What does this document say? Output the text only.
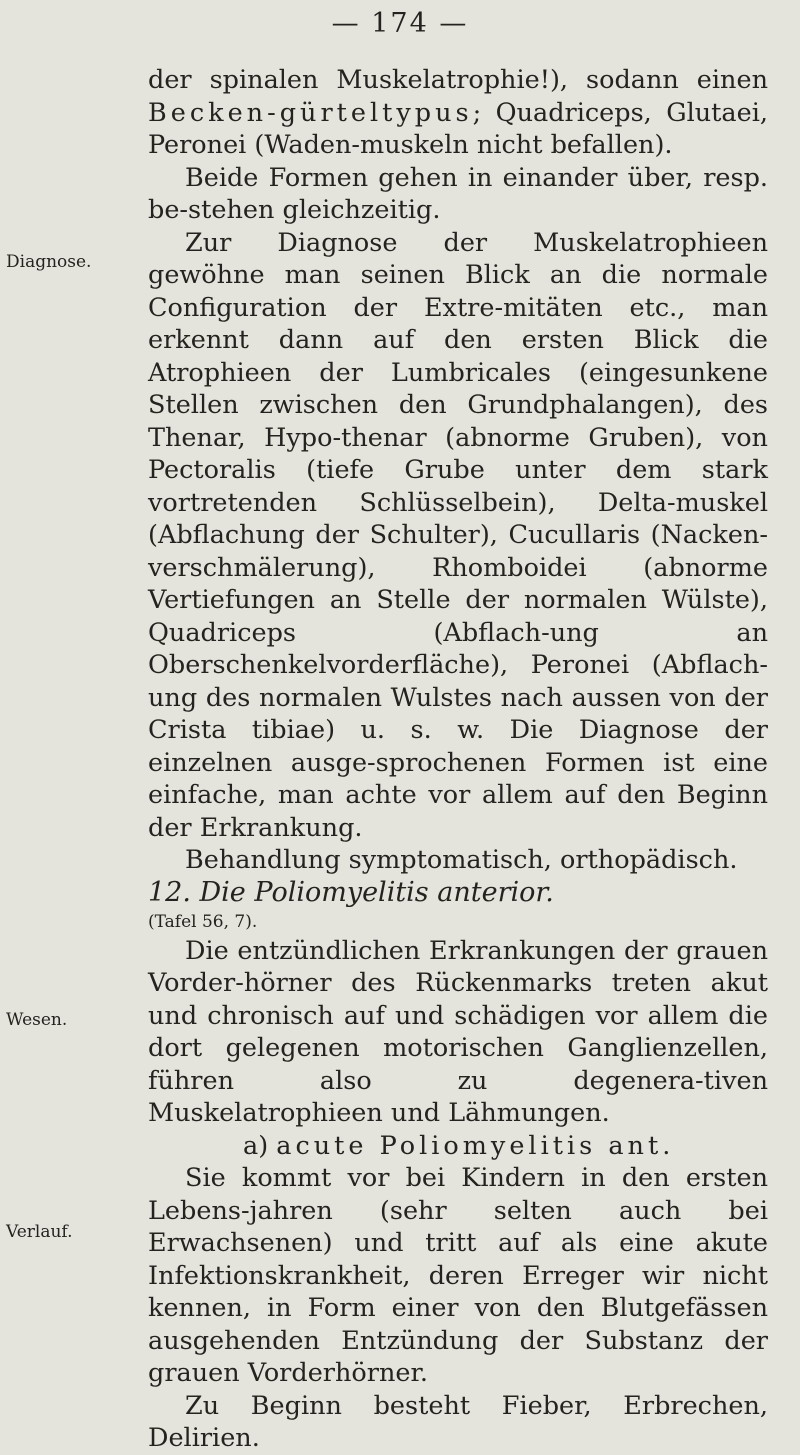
— 174 —
Diagnose.
Wesen.
Verlauf.

der spinalen Muskelatrophie!), sodann einen Becken-gürteltypus; Quadriceps, Glutaei, Peronei (Waden-muskeln nicht befallen).

Beide Formen gehen in einander über, resp. be-stehen gleichzeitig.

Zur Diagnose der Muskelatrophieen gewöhne man seinen Blick an die normale Configuration der Extre-mitäten etc., man erkennt dann auf den ersten Blick die Atrophieen der Lumbricales (eingesunkene Stellen zwischen den Grundphalangen), des Thenar, Hypo-thenar (abnorme Gruben), von Pectoralis (tiefe Grube unter dem stark vortretenden Schlüsselbein), Delta-muskel (Abflachung der Schulter), Cucullaris (Nacken-verschmälerung), Rhomboidei (abnorme Vertiefungen an Stelle der normalen Wülste), Quadriceps (Abflach-ung an Oberschenkelvorderfläche), Peronei (Abflach-ung des normalen Wulstes nach aussen von der Crista tibiae) u. s. w. Die Diagnose der einzelnen ausge-sprochenen Formen ist eine einfache, man achte vor allem auf den Beginn der Erkrankung.

Behandlung symptomatisch, orthopädisch.

12. Die Poliomyelitis anterior.

(Tafel 56, 7).

Die entzündlichen Erkrankungen der grauen Vorder-hörner des Rückenmarks treten akut und chronisch auf und schädigen vor allem die dort gelegenen motorischen Ganglienzellen, führen also zu degenera-tiven Muskelatrophieen und Lähmungen.

a) acute Poliomyelitis ant.

Sie kommt vor bei Kindern in den ersten Lebens-jahren (sehr selten auch bei Erwachsenen) und tritt auf als eine akute Infektionskrankheit, deren Erreger wir nicht kennen, in Form einer von den Blutgefässen ausgehenden Entzündung der Substanz der grauen Vorderhörner.

Zu Beginn besteht Fieber, Erbrechen, Delirien.
